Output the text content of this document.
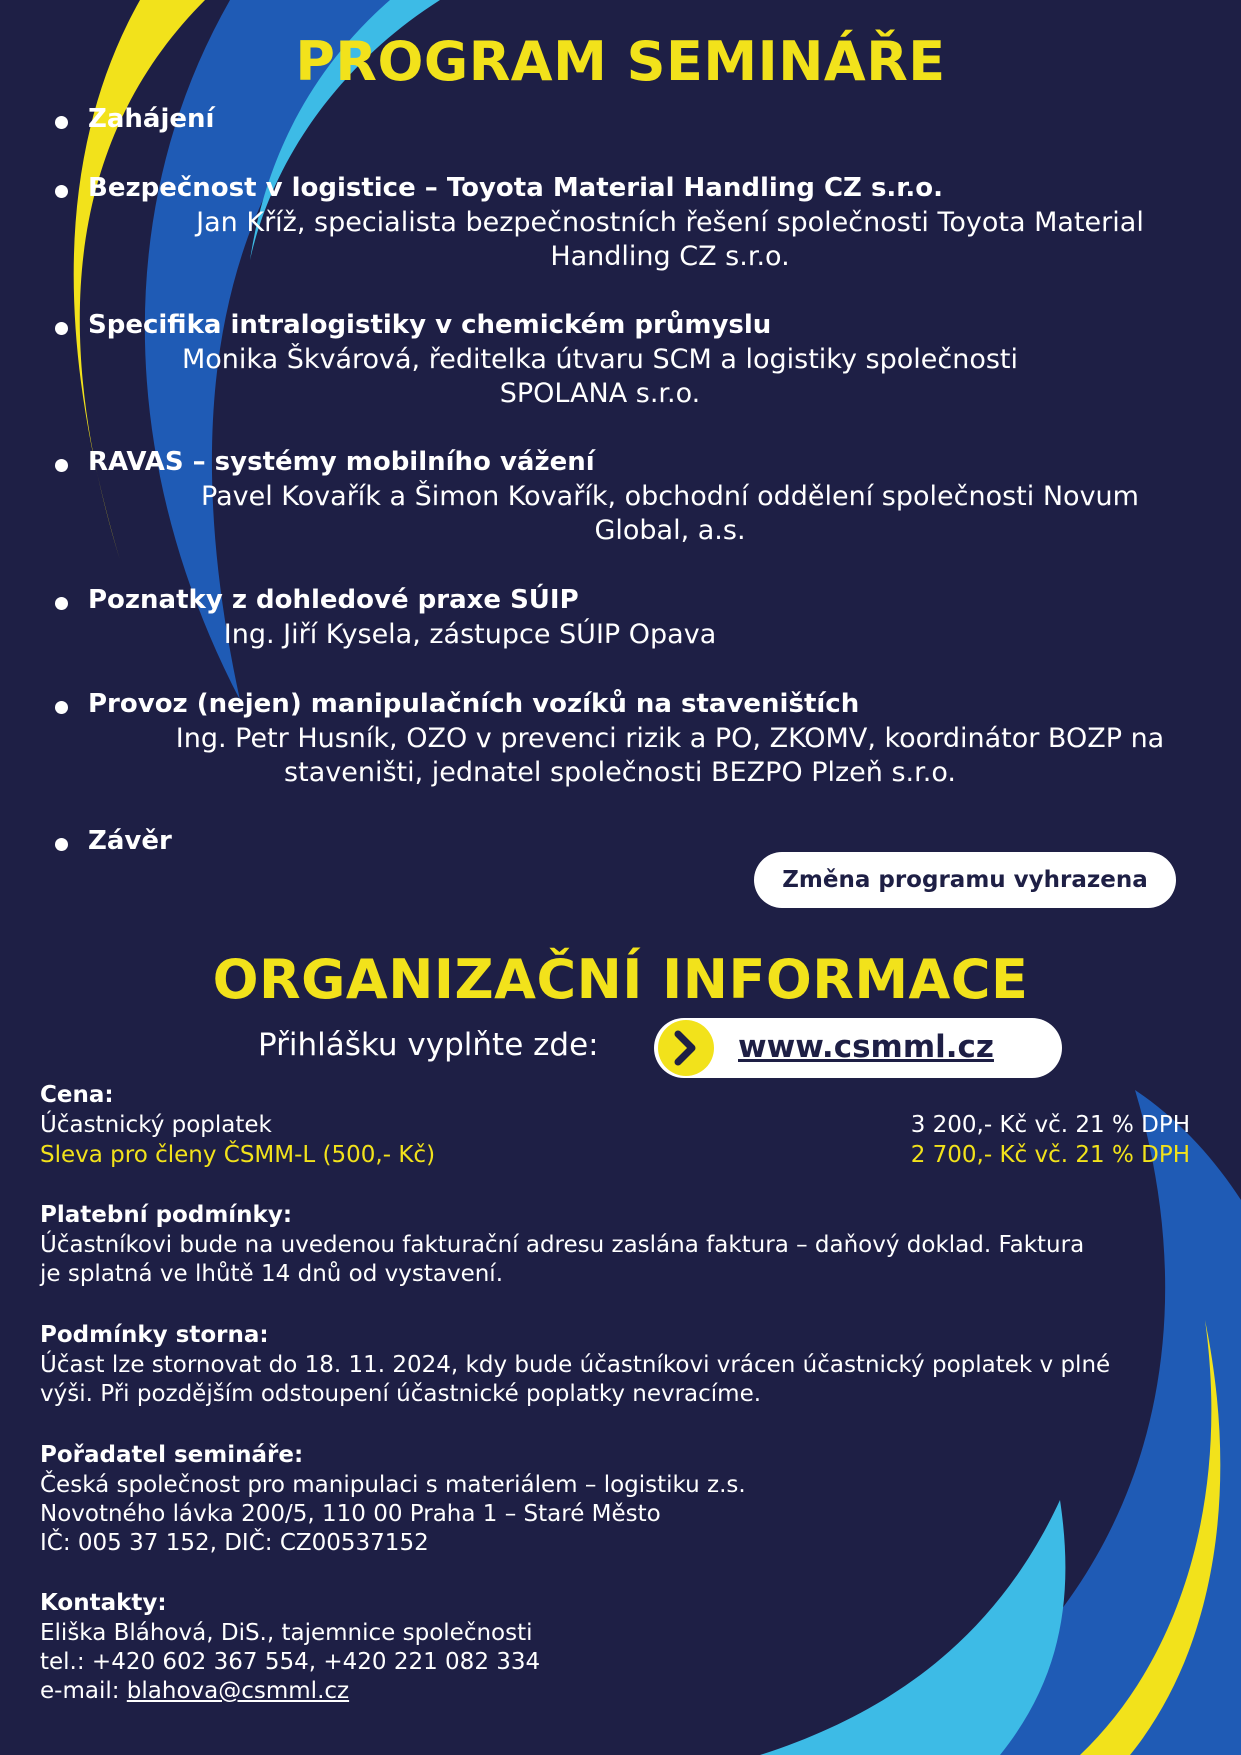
PROGRAM SEMINÁŘE
Zahájení
Bezpečnost v logistice – Toyota Material Handling CZ s.r.o.
Jan Kříž, specialista bezpečnostních řešení společnosti Toyota Material
Handling CZ s.r.o.
Specifika intralogistiky v chemickém průmyslu
Monika Škvárová, ředitelka útvaru SCM a logistiky společnosti
SPOLANA s.r.o.
RAVAS – systémy mobilního vážení
Pavel Kovařík a Šimon Kovařík, obchodní oddělení společnosti Novum
Global, a.s.
Poznatky z dohledové praxe SÚIP
Ing. Jiří Kysela, zástupce SÚIP Opava
Provoz (nejen) manipulačních vozíků na staveništích
Ing. Petr Husník, OZO v prevenci rizik a PO, ZKOMV, koordinátor BOZP na
staveništi, jednatel společnosti BEZPO Plzeň s.r.o.
Závěr
Změna programu vyhrazena
ORGANIZAČNÍ INFORMACE
Přihlášku vyplňte zde:	www.csmml.cz
Cena:
Účastnický poplatek	3 200,- Kč vč. 21 % DPH
Sleva pro členy ČSMM-L (500,- Kč)	2 700,- Kč vč. 21 % DPH
Platební podmínky:
Účastníkovi bude na uvedenou fakturační adresu zaslána faktura – daňový doklad. Faktura
je splatná ve lhůtě 14 dnů od vystavení.
Podmínky storna:
Účast lze stornovat do 18. 11. 2024, kdy bude účastníkovi vrácen účastnický poplatek v plné
výši. Při pozdějším odstoupení účastnické poplatky nevracíme.
Pořadatel semináře:
Česká společnost pro manipulaci s materiálem – logistiku z.s.
Novotného lávka 200/5, 110 00 Praha 1 – Staré Město
IČ: 005 37 152, DIČ: CZ00537152
Kontakty:
Eliška Bláhová, DiS., tajemnice společnosti
tel.: +420 602 367 554, +420 221 082 334
e-mail: blahova@csmml.cz
